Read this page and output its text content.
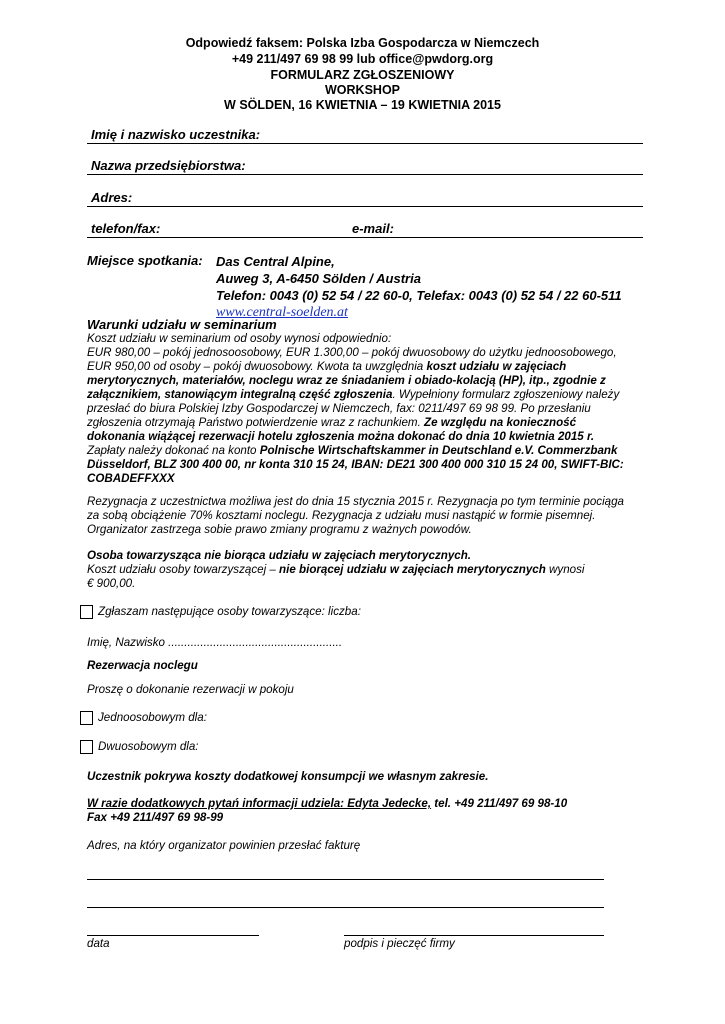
Odpowiedź faksem: Polska Izba Gospodarcza w Niemczech
+49 211/497 69 98 99 lub office@pwdorg.org
FORMULARZ ZGŁOSZENIOWY
WORKSHOP
W SÖLDEN, 16 KWIETNIA – 19 KWIETNIA 2015
Imię i nazwisko uczestnika:
Nazwa przedsiębiorstwa:
Adres:
telefon/fax:	e-mail:
Miejsce spotkania: Das Central Alpine,
Auweg 3, A-6450 Sölden / Austria
Telefon: 0043 (0) 52 54 / 22 60-0, Telefax: 0043 (0) 52 54 / 22 60-511
www.central-soelden.at
Warunki udziału w seminarium
Koszt udziału w seminarium od osoby wynosi odpowiednio:
EUR 980,00 – pokój jednosoosobowy, EUR 1.300,00 – pokój dwuosobowy do użytku jednoosobowego,
EUR 950,00 od osoby – pokój dwuosobowy. Kwota ta uwzględnia koszt udziału w zajęciach
merytorycznych, materiałów, noclegu wraz ze śniadaniem i obiado-kolacją (HP), itp., zgodnie z
załącznikiem, stanowiącym integralną część zgłoszenia. Wypełniony formularz zgłoszeniowy należy
przesłać do biura Polskiej Izby Gospodarczej w Niemczech, fax: 0211/497 69 98 99. Po przesłaniu
zgłoszenia otrzymają Państwo potwierdzenie wraz z rachunkiem. Ze względu na konieczność
dokonania wiążącej rezerwacji hotelu zgłoszenia można dokonać do dnia 10 kwietnia 2015 r.
Zapłaty należy dokonać na konto Polnische Wirtschaftskammer in Deutschland e.V. Commerzbank
Düsseldorf, BLZ 300 400 00, nr konta 310 15 24, IBAN: DE21 300 400 000 310 15 24 00, SWIFT-BIC:
COBADEFFXXX
Rezygnacja z uczestnictwa możliwa jest do dnia 15 stycznia 2015 r. Rezygnacja po tym terminie pociąga
za sobą obciążenie 70% kosztami noclegu. Rezygnacja z udziału musi nastąpić w formie pisemnej.
Organizator zastrzega sobie prawo zmiany programu z ważnych powodów.
Osoba towarzysząca nie biorąca udziału w zajęciach merytorycznych.
Koszt udziału osoby towarzyszącej – nie biorącej udziału w zajęciach merytorycznych wynosi
€ 900,00.
Zgłaszam następujące osoby towarzyszące: liczba:
Imię, Nazwisko ......................................................
Rezerwacja noclegu
Proszę o dokonanie rezerwacji w pokoju
Jednoosobowym dla:
Dwuosobowym dla:
Uczestnik pokrywa koszty dodatkowej konsumpcji we własnym zakresie.
W razie dodatkowych pytań informacji udziela: Edyta Jedecke, tel. +49 211/497 69 98-10
Fax +49 211/497 69 98-99
Adres, na który organizator powinien przesłać fakturę
data	podpis i pieczęć firmy
